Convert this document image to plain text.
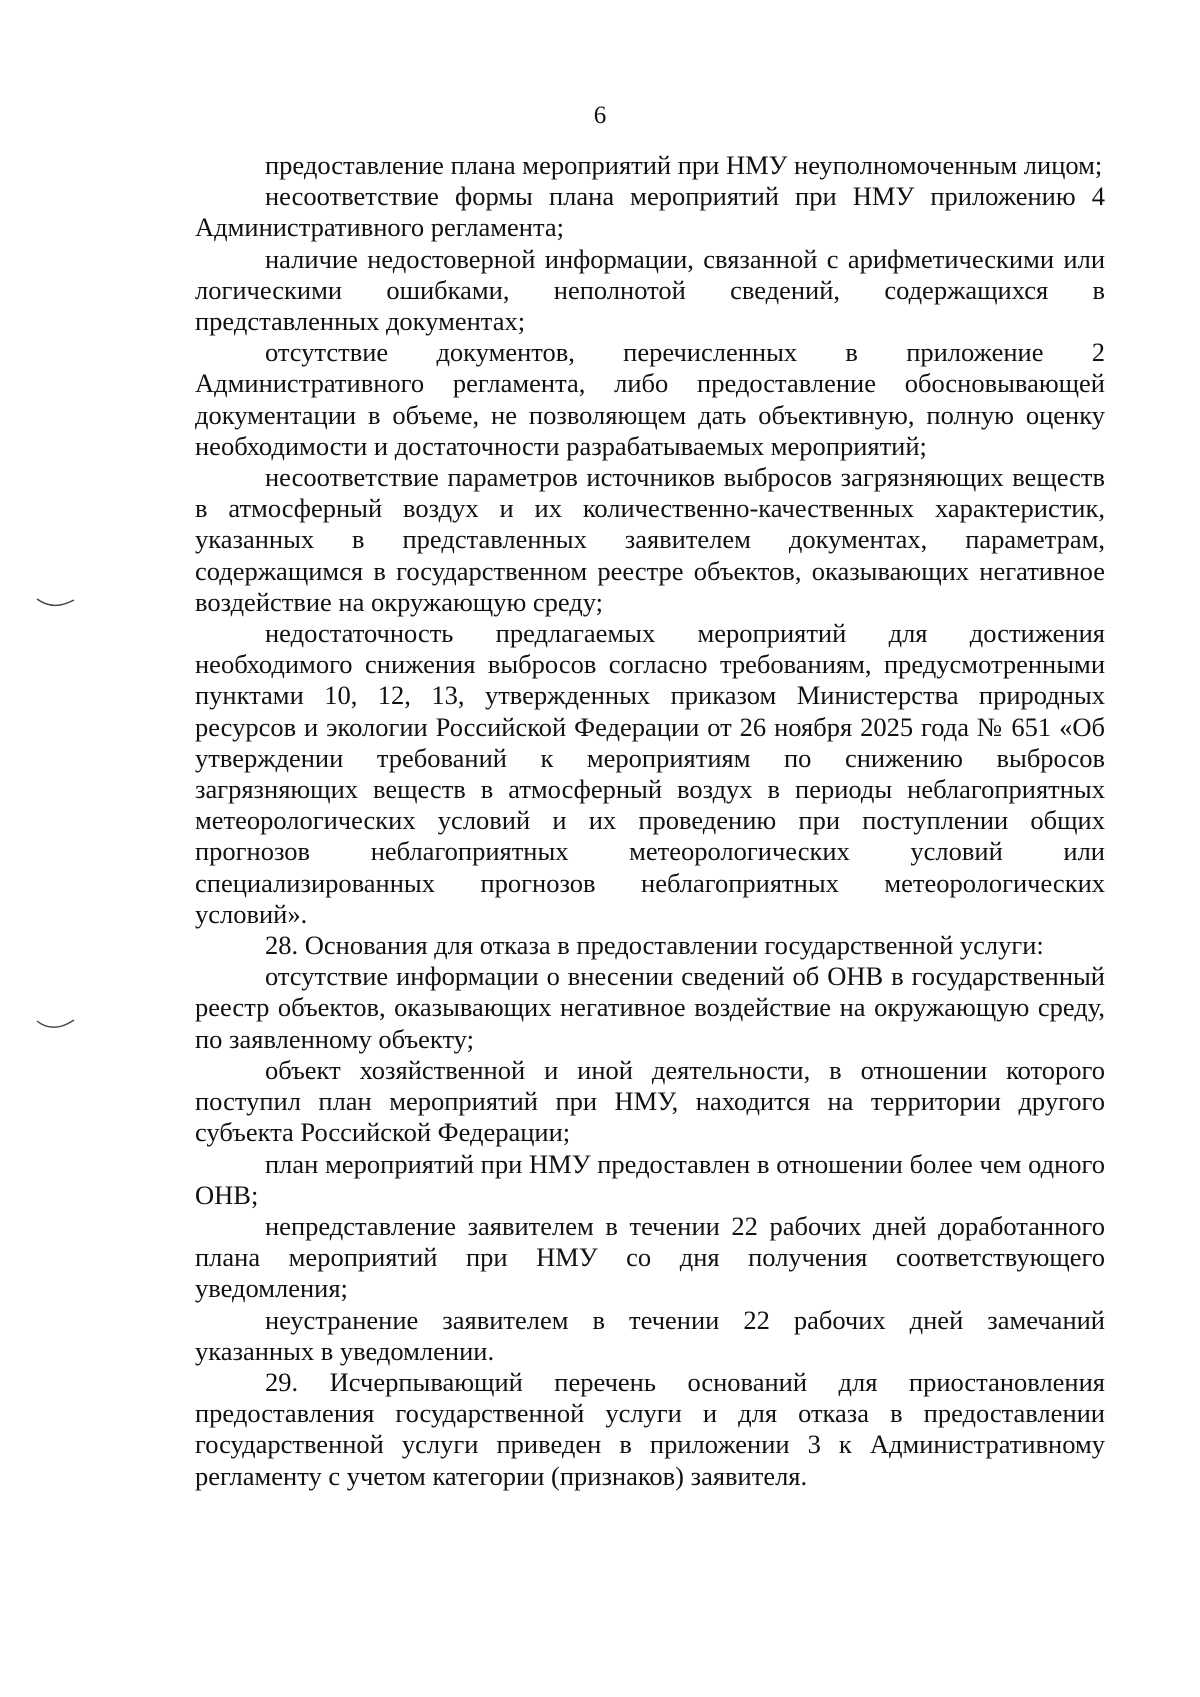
6

предоставление плана мероприятий при НМУ неуполномоченным лицом;

несоответствие формы плана мероприятий при НМУ приложению 4 Административного регламента;

наличие недостоверной информации, связанной с арифметическими или логическими ошибками, неполнотой сведений, содержащихся в представленных документах;

отсутствие документов, перечисленных в приложение 2 Административного регламента, либо предоставление обосновывающей документации в объеме, не позволяющем дать объективную, полную оценку необходимости и достаточности разрабатываемых мероприятий;

несоответствие параметров источников выбросов загрязняющих веществ в атмосферный воздух и их количественно-качественных характеристик, указанных в представленных заявителем документах, параметрам, содержащимся в государственном реестре объектов, оказывающих негативное воздействие на окружающую среду;

недостаточность предлагаемых мероприятий для достижения необходимого снижения выбросов согласно требованиям, предусмотренными пунктами 10, 12, 13, утвержденных приказом Министерства природных ресурсов и экологии Российской Федерации от 26 ноября 2025 года № 651 «Об утверждении требований к мероприятиям по снижению выбросов загрязняющих веществ в атмосферный воздух в периоды неблагоприятных метеорологических условий и их проведению при поступлении общих прогнозов неблагоприятных метеорологических условий или специализированных прогнозов неблагоприятных метеорологических условий».

28. Основания для отказа в предоставлении государственной услуги:

отсутствие информации о внесении сведений об ОНВ в государственный реестр объектов, оказывающих негативное воздействие на окружающую среду, по заявленному объекту;

объект хозяйственной и иной деятельности, в отношении которого поступил план мероприятий при НМУ, находится на территории другого субъекта Российской Федерации;

план мероприятий при НМУ предоставлен в отношении более чем одного ОНВ;

непредставление заявителем в течении 22 рабочих дней доработанного плана мероприятий при НМУ со дня получения соответствующего уведомления;

неустранение заявителем в течении 22 рабочих дней замечаний указанных в уведомлении.

29. Исчерпывающий перечень оснований для приостановления предоставления государственной услуги и для отказа в предоставлении государственной услуги приведен в приложении 3 к Административному регламенту с учетом категории (признаков) заявителя.
